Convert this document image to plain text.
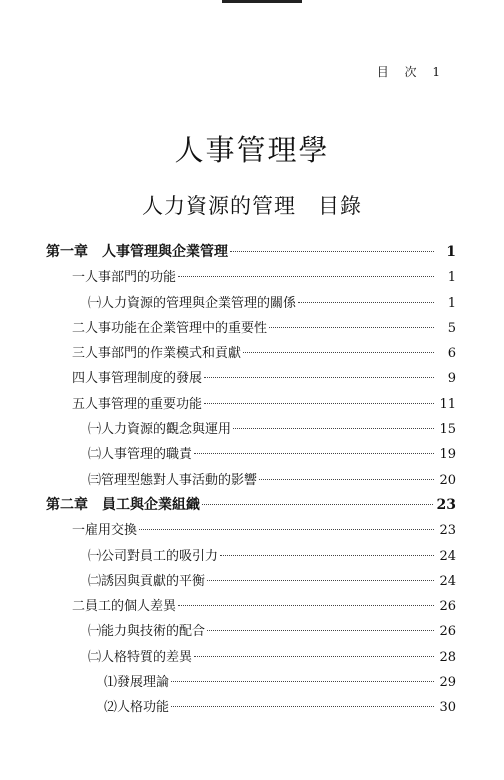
目 次 1
人事管理學
人力資源的管理　目錄
第一章　人事管理與企業管理	1
一人事部門的功能	1
㈠人力資源的管理與企業管理的關係	1
二人事功能在企業管理中的重要性	5
三人事部門的作業模式和貢獻	6
四人事管理制度的發展	9
五人事管理的重要功能	11
㈠人力資源的觀念與運用	15
㈡人事管理的職責	19
㈢管理型態對人事活動的影響	20
第二章　員工與企業組織	23
一雇用交換	23
㈠公司對員工的吸引力	24
㈡誘因與貢獻的平衡	24
二員工的個人差異	26
㈠能力與技術的配合	26
㈡人格特質的差異	28
⑴發展理論	29
⑵人格功能	30
